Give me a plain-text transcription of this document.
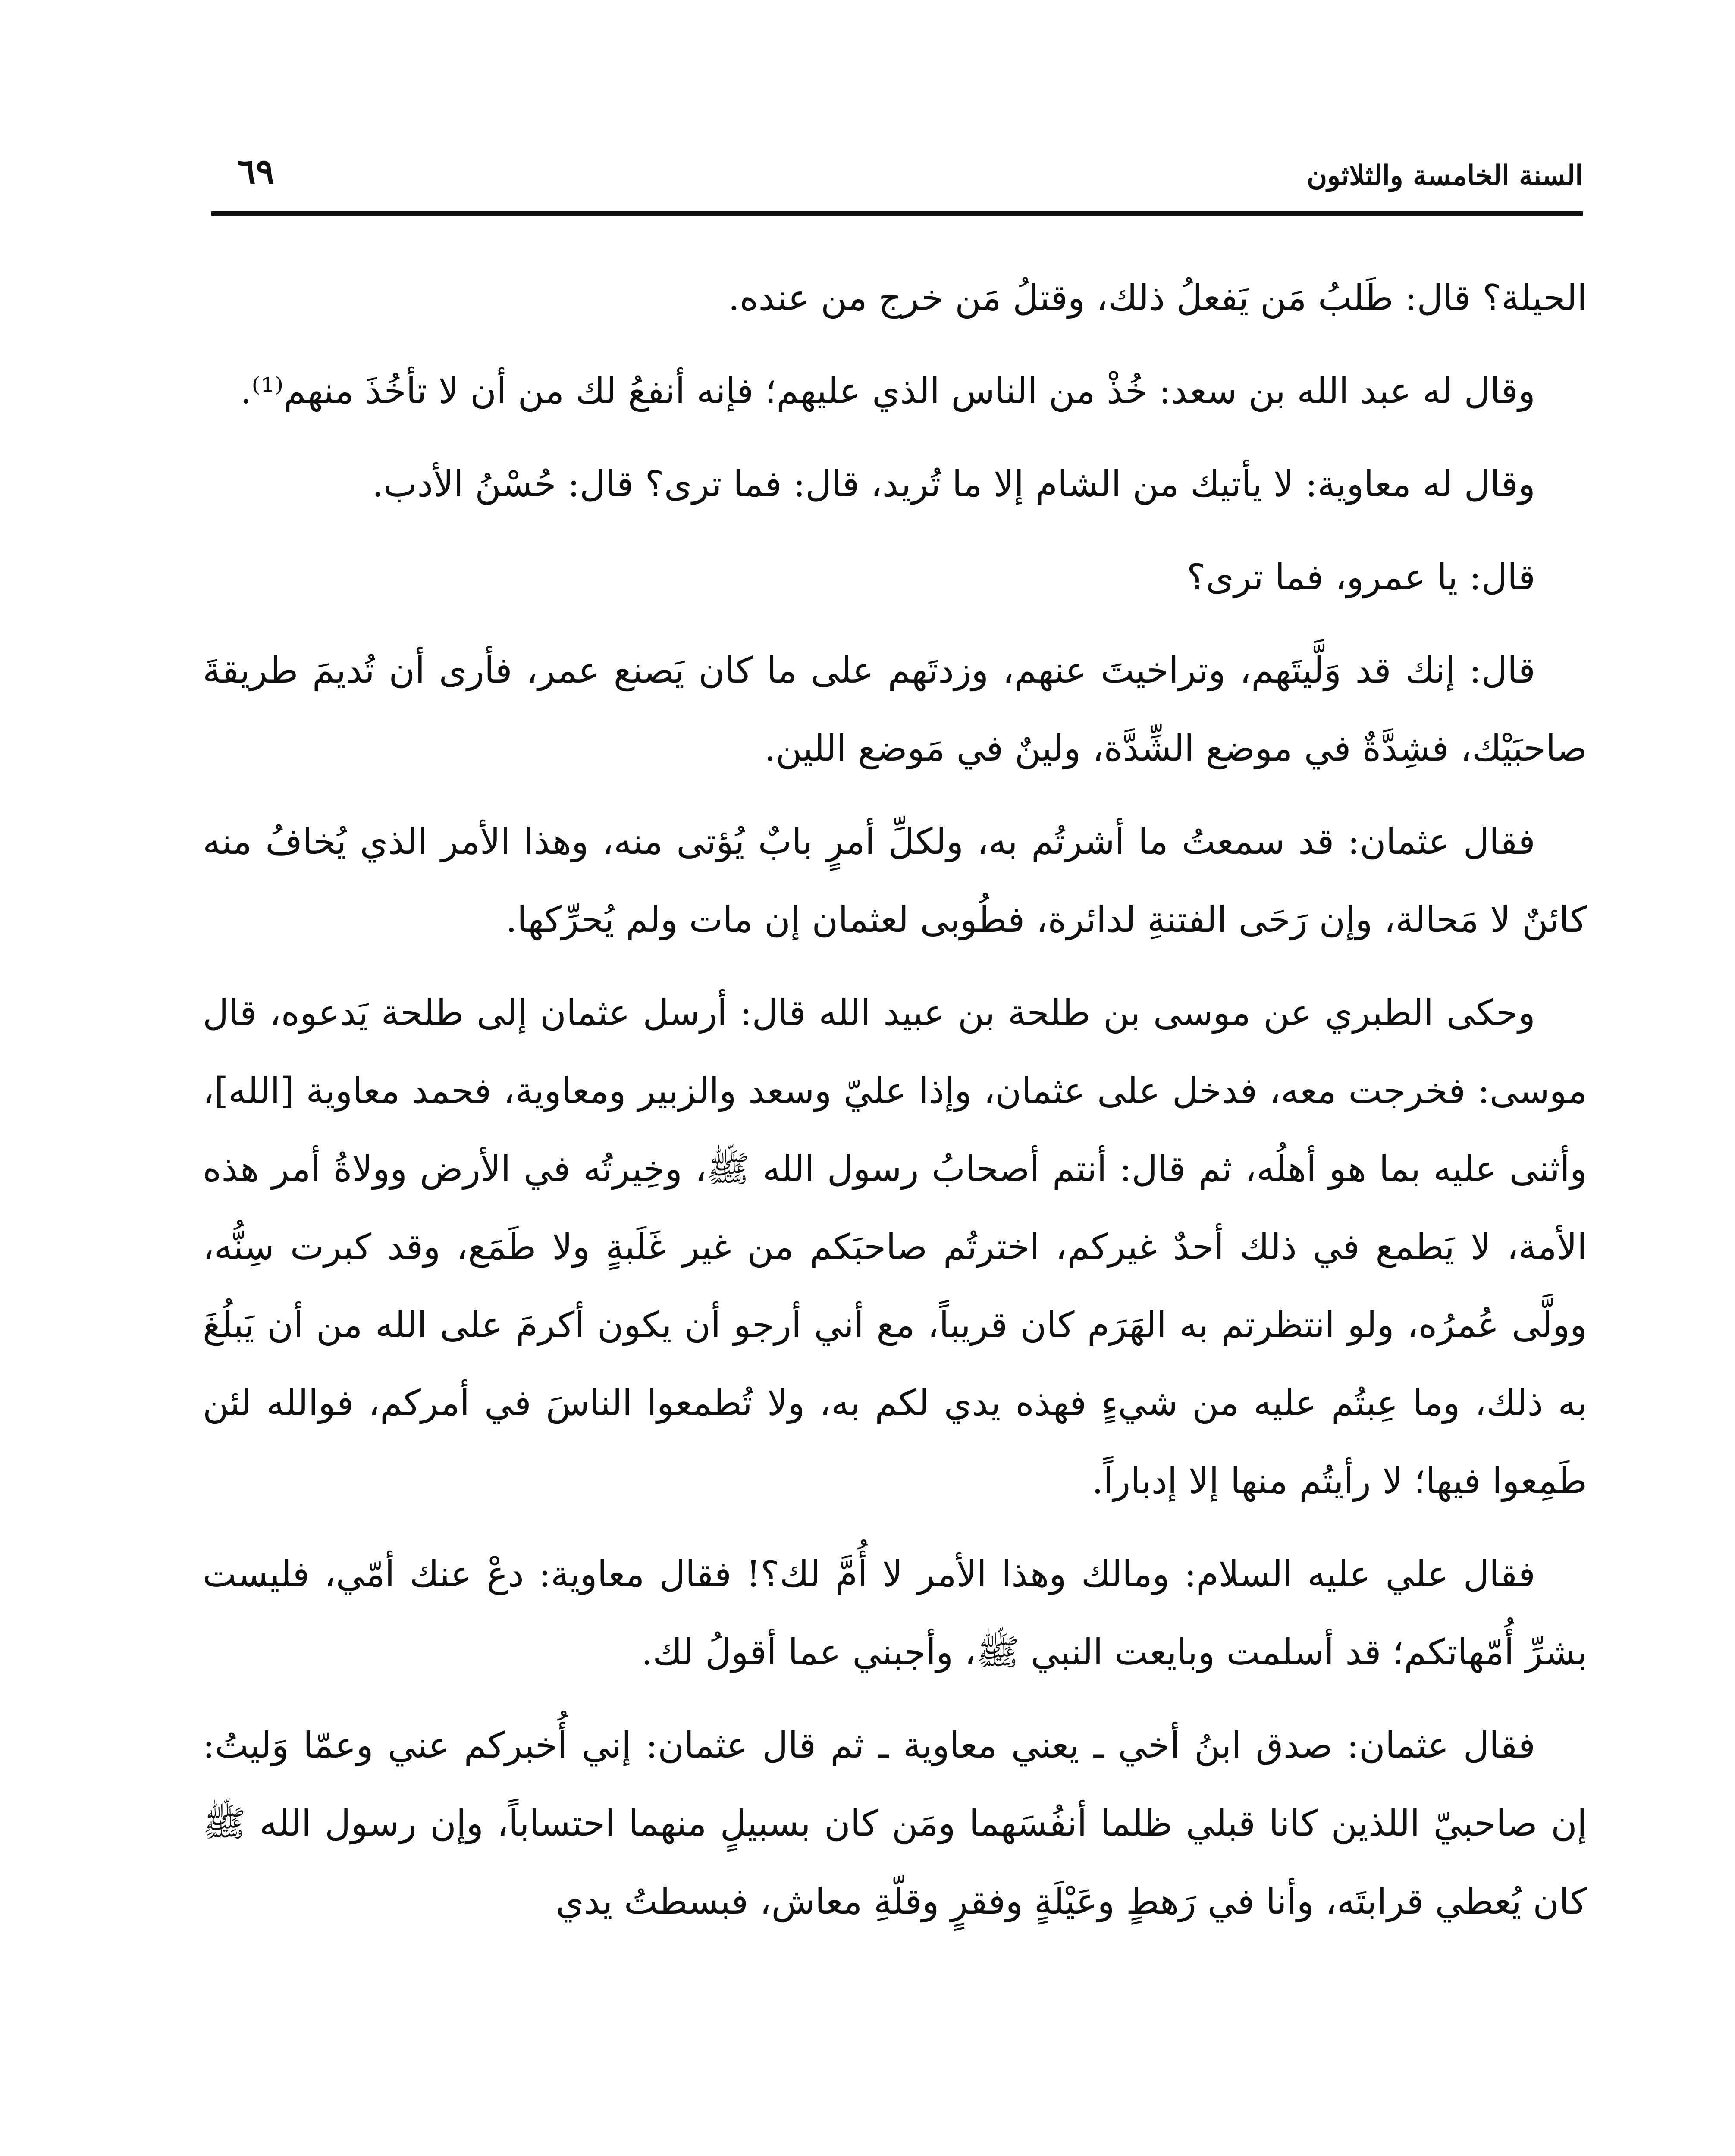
السنة الخامسة والثلاثون
٦٩

الحيلة؟ قال: طَلبُ مَن يَفعلُ ذلك، وقتلُ مَن خرج من عنده.

وقال له عبد الله بن سعد: خُذْ من الناس الذي عليهم؛ فإنه أنفعُ لك من أن لا تأخُذَ منهم⁽¹⁾.

وقال له معاوية: لا يأتيك من الشام إلا ما تُريد، قال: فما ترى؟ قال: حُسْنُ الأدب.

قال: يا عمرو، فما ترى؟

قال: إنك قد وَلَّيتَهم، وتراخيتَ عنهم، وزدتَهم على ما كان يَصنع عمر، فأرى أن تُديمَ طريقةَ صاحبَيْك، فشِدَّةٌ في موضع الشِّدَّة، ولينٌ في مَوضع اللين.

فقال عثمان: قد سمعتُ ما أشرتُم به، ولكلِّ أمرٍ بابٌ يُؤتى منه، وهذا الأمر الذي يُخافُ منه كائنٌ لا مَحالة، وإن رَحَى الفتنةِ لدائرة، فطُوبى لعثمان إن مات ولم يُحرِّكها.

وحكى الطبري عن موسى بن طلحة بن عبيد الله قال: أرسل عثمان إلى طلحة يَدعوه، قال موسى: فخرجت معه، فدخل على عثمان، وإذا عليّ وسعد والزبير ومعاوية، فحمد معاوية [الله]، وأثنى عليه بما هو أهلُه، ثم قال: أنتم أصحابُ رسول الله ﷺ، وخِيرتُه في الأرض وولاةُ أمر هذه الأمة، لا يَطمع في ذلك أحدٌ غيركم، اخترتُم صاحبَكم من غير غَلَبةٍ ولا طَمَع، وقد كبرت سِنُّه، وولَّى عُمرُه، ولو انتظرتم به الهَرَم كان قريباً، مع أني أرجو أن يكون أكرمَ على الله من أن يَبلُغَ به ذلك، وما عِبتُم عليه من شيءٍ فهذه يدي لكم به، ولا تُطمعوا الناسَ في أمركم، فوالله لئن طَمِعوا فيها؛ لا رأيتُم منها إلا إدباراً.

فقال علي عليه السلام: ومالك وهذا الأمر لا أُمَّ لك؟! فقال معاوية: دعْ عنك أمّي، فليست بشرِّ أُمّهاتكم؛ قد أسلمت وبايعت النبي ﷺ، وأجبني عما أقولُ لك.

فقال عثمان: صدق ابنُ أخي ـ يعني معاوية ـ ثم قال عثمان: إني أُخبركم عني وعمّا وَليتُ: إن صاحبيّ اللذين كانا قبلي ظلما أنفُسَهما ومَن كان بسبيلٍ منهما احتساباً، وإن رسول الله ﷺ كان يُعطي قرابتَه، وأنا في رَهطٍ وعَيْلَةٍ وفقرٍ وقلّةِ معاش، فبسطتُ يدي
